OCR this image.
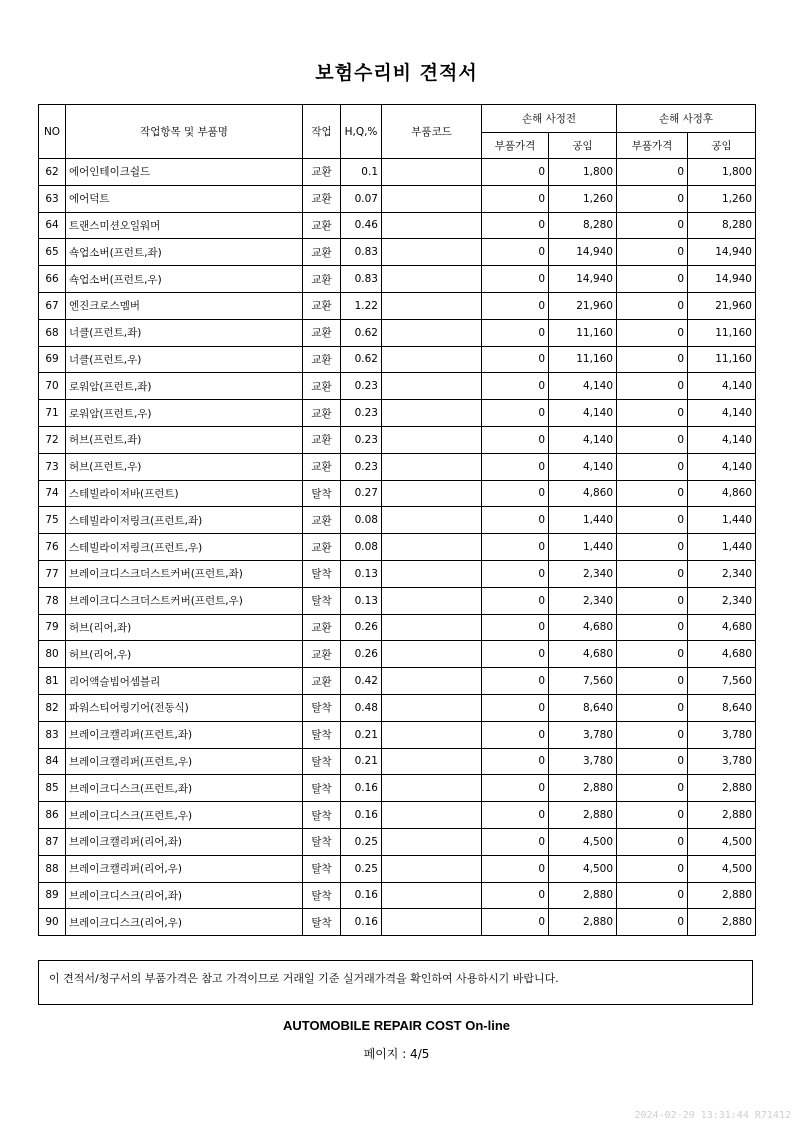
보험수리비 견적서
NO	작업항목 및 부품명	작업	H,Q,%	부품코드	손해 사정전		손해 사정후	
					부품가격	공임	부품가격	공임
62	에어인테이크쉴드	교환	0.1		0	1,800	0	1,800
63	에어덕트	교환	0.07		0	1,260	0	1,260
64	트랜스미션오일워머	교환	0.46		0	8,280	0	8,280
65	쇽업소버(프런트,좌)	교환	0.83		0	14,940	0	14,940
66	쇽업소버(프런트,우)	교환	0.83		0	14,940	0	14,940
67	엔진크로스멤버	교환	1.22		0	21,960	0	21,960
68	너클(프런트,좌)	교환	0.62		0	11,160	0	11,160
69	너클(프런트,우)	교환	0.62		0	11,160	0	11,160
70	로워암(프런트,좌)	교환	0.23		0	4,140	0	4,140
71	로워암(프런트,우)	교환	0.23		0	4,140	0	4,140
72	허브(프런트,좌)	교환	0.23		0	4,140	0	4,140
73	허브(프런트,우)	교환	0.23		0	4,140	0	4,140
74	스테빌라이저바(프런트)	탈착	0.27		0	4,860	0	4,860
75	스테빌라이저링크(프런트,좌)	교환	0.08		0	1,440	0	1,440
76	스테빌라이저링크(프런트,우)	교환	0.08		0	1,440	0	1,440
77	브레이크디스크더스트커버(프런트,좌)	탈착	0.13		0	2,340	0	2,340
78	브레이크디스크더스트커버(프런트,우)	탈착	0.13		0	2,340	0	2,340
79	허브(리어,좌)	교환	0.26		0	4,680	0	4,680
80	허브(리어,우)	교환	0.26		0	4,680	0	4,680
81	리어액슬빔어셈블리	교환	0.42		0	7,560	0	7,560
82	파워스티어링기어(전동식)	탈착	0.48		0	8,640	0	8,640
83	브레이크캘리퍼(프런트,좌)	탈착	0.21		0	3,780	0	3,780
84	브레이크캘리퍼(프런트,우)	탈착	0.21		0	3,780	0	3,780
85	브레이크디스크(프런트,좌)	탈착	0.16		0	2,880	0	2,880
86	브레이크디스크(프런트,우)	탈착	0.16		0	2,880	0	2,880
87	브레이크캘리퍼(리어,좌)	탈착	0.25		0	4,500	0	4,500
88	브레이크캘리퍼(리어,우)	탈착	0.25		0	4,500	0	4,500
89	브레이크디스크(리어,좌)	탈착	0.16		0	2,880	0	2,880
90	브레이크디스크(리어,우)	탈착	0.16		0	2,880	0	2,880
이 견적서/청구서의 부품가격은 참고 가격이므로 거래일 기준 실거래가격을 확인하여 사용하시기 바랍니다.
AUTOMOBILE REPAIR COST On-line
페이지 : 4/5
2024-02-29 13:31:44 R71412
